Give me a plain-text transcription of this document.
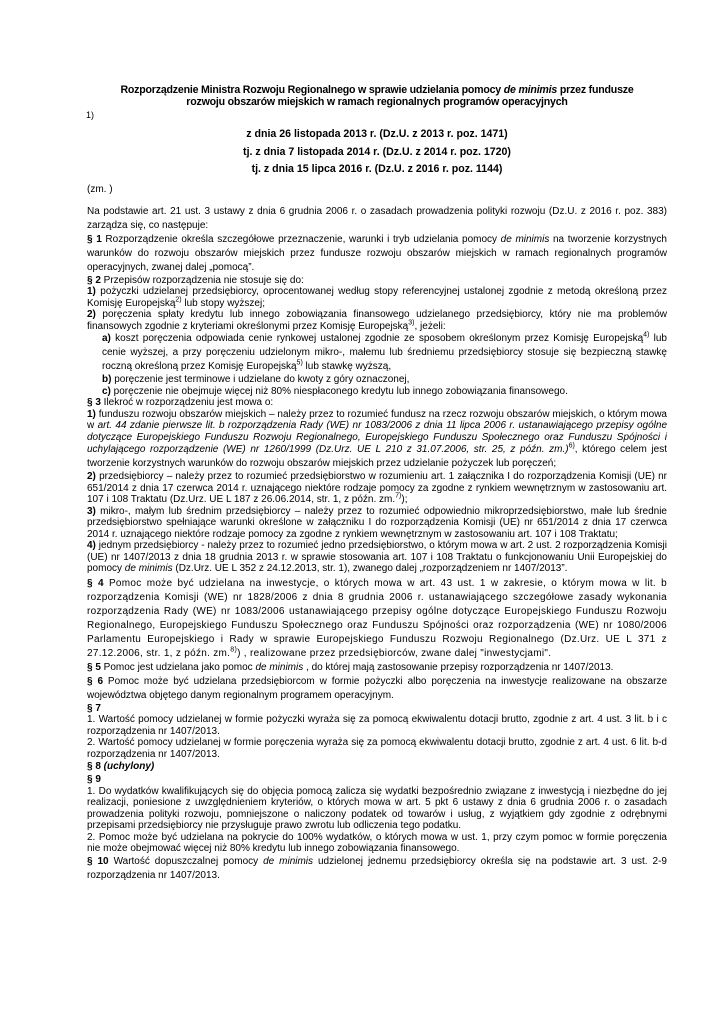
Rozporządzenie Ministra Rozwoju Regionalnego w sprawie udzielania pomocy de minimis przez fundusze
rozwoju obszarów miejskich w ramach regionalnych programów operacyjnych
1)
z dnia 26 listopada 2013 r. (Dz.U. z 2013 r. poz. 1471)
tj. z dnia 7 listopada 2014 r. (Dz.U. z 2014 r. poz. 1720)
tj. z dnia 15 lipca 2016 r. (Dz.U. z 2016 r. poz. 1144)
(zm. )

Na podstawie art. 21 ust. 3 ustawy z dnia 6 grudnia 2006 r. o zasadach prowadzenia polityki rozwoju (Dz.U. z 2016 r. poz. 383) zarządza się, co następuje:

§ 1 Rozporządzenie określa szczegółowe przeznaczenie, warunki i tryb udzielania pomocy de minimis na tworzenie korzystnych warunków do rozwoju obszarów miejskich przez fundusze rozwoju obszarów miejskich w ramach regionalnych programów operacyjnych, zwanej dalej „pomocą”.

§ 2 Przepisów rozporządzenia nie stosuje się do:

1) pożyczki udzielanej przedsiębiorcy, oprocentowanej według stopy referencyjnej ustalonej zgodnie z metodą określoną przez Komisję Europejską$^{2)}$ lub stopy wyższej;

2) poręczenia spłaty kredytu lub innego zobowiązania finansowego udzielanego przedsiębiorcy, który nie ma problemów finansowych zgodnie z kryteriami określonymi przez Komisję Europejską$^{3)}$, jeżeli:

a) koszt poręczenia odpowiada cenie rynkowej ustalonej zgodnie ze sposobem określonym przez Komisję Europejską$^{4)}$ lub cenie wyższej, a przy poręczeniu udzielonym mikro-, małemu lub średniemu przedsiębiorcy stosuje się bezpieczną stawkę roczną określoną przez Komisję Europejską$^{5)}$ lub stawkę wyższą,

b) poręczenie jest terminowe i udzielane do kwoty z góry oznaczonej,

c) poręczenie nie obejmuje więcej niż 80% niespłaconego kredytu lub innego zobowiązania finansowego.

§ 3 Ilekroć w rozporządzeniu jest mowa o:

1) funduszu rozwoju obszarów miejskich – należy przez to rozumieć fundusz na rzecz rozwoju obszarów miejskich, o którym mowa w art. 44 zdanie pierwsze lit. b rozporządzenia Rady (WE) nr 1083/2006 z dnia 11 lipca 2006 r. ustanawiającego przepisy ogólne dotyczące Europejskiego Funduszu Rozwoju Regionalnego, Europejskiego Funduszu Społecznego oraz Funduszu Spójności i uchylającego rozporządzenie (WE) nr 1260/1999 (Dz.Urz. UE L 210 z 31.07.2006, str. 25, z późn. zm.)$^{6)}$, którego celem jest tworzenie korzystnych warunków do rozwoju obszarów miejskich przez udzielanie pożyczek lub poręczeń;

2) przedsiębiorcy – należy przez to rozumieć przedsiębiorstwo w rozumieniu art. 1 załącznika I do rozporządzenia Komisji (UE) nr 651/2014 z dnia 17 czerwca 2014 r. uznającego niektóre rodzaje pomocy za zgodne z rynkiem wewnętrznym w zastosowaniu art. 107 i 108 Traktatu (Dz.Urz. UE L 187 z 26.06.2014, str. 1, z późn. zm.$^{7)}$);

3) mikro-, małym lub średnim przedsiębiorcy – należy przez to rozumieć odpowiednio mikroprzedsiębiorstwo, małe lub średnie przedsiębiorstwo spełniające warunki określone w załączniku I do rozporządzenia Komisji (UE) nr 651/2014 z dnia 17 czerwca 2014 r. uznającego niektóre rodzaje pomocy za zgodne z rynkiem wewnętrznym w zastosowaniu art. 107 i 108 Traktatu;

4) jednym przedsiębiorcy - należy przez to rozumieć jedno przedsiębiorstwo, o którym mowa w art. 2 ust. 2 rozporządzenia Komisji (UE) nr 1407/2013 z dnia 18 grudnia 2013 r. w sprawie stosowania art. 107 i 108 Traktatu o funkcjonowaniu Unii Europejskiej do pomocy de minimis (Dz.Urz. UE L 352 z 24.12.2013, str. 1), zwanego dalej „rozporządzeniem nr 1407/2013”.

§ 4 Pomoc może być udzielana na inwestycje, o których mowa w art. 43 ust. 1 w zakresie, o którym mowa w lit. b rozporządzenia Komisji (WE) nr 1828/2006 z dnia 8 grudnia 2006 r. ustanawiającego szczegółowe zasady wykonania rozporządzenia Rady (WE) nr 1083/2006 ustanawiającego przepisy ogólne dotyczące Europejskiego Funduszu Rozwoju Regionalnego, Europejskiego Funduszu Społecznego oraz Funduszu Spójności oraz rozporządzenia (WE) nr 1080/2006 Parlamentu Europejskiego i Rady w sprawie Europejskiego Funduszu Rozwoju Regionalnego (Dz.Urz. UE L 371 z 27.12.2006, str. 1, z późn. zm.$^{8)}$) , realizowane przez przedsiębiorców, zwane dalej "inwestycjami".

§ 5 Pomoc jest udzielana jako pomoc de minimis , do której mają zastosowanie przepisy rozporządzenia nr 1407/2013.

§ 6 Pomoc może być udzielana przedsiębiorcom w formie pożyczki albo poręczenia na inwestycje realizowane na obszarze województwa objętego danym regionalnym programem operacyjnym.

§ 7

1. Wartość pomocy udzielanej w formie pożyczki wyraża się za pomocą ekwiwalentu dotacji brutto, zgodnie z art. 4 ust. 3 lit. b i c rozporządzenia nr 1407/2013.

2. Wartość pomocy udzielanej w formie poręczenia wyraża się za pomocą ekwiwalentu dotacji brutto, zgodnie z art. 4 ust. 6 lit. b-d rozporządzenia nr 1407/2013.

§ 8 (uchylony)

§ 9

1. Do wydatków kwalifikujących się do objęcia pomocą zalicza się wydatki bezpośrednio związane z inwestycją i niezbędne do jej realizacji, poniesione z uwzględnieniem kryteriów, o których mowa w art. 5 pkt 6 ustawy z dnia 6 grudnia 2006 r. o zasadach prowadzenia polityki rozwoju, pomniejszone o naliczony podatek od towarów i usług, z wyjątkiem gdy zgodnie z odrębnymi przepisami przedsiębiorcy nie przysługuje prawo zwrotu lub odliczenia tego podatku.

2. Pomoc może być udzielana na pokrycie do 100% wydatków, o których mowa w ust. 1, przy czym pomoc w formie poręczenia nie może obejmować więcej niż 80% kredytu lub innego zobowiązania finansowego.

§ 10 Wartość dopuszczalnej pomocy de minimis udzielonej jednemu przedsiębiorcy określa się na podstawie art. 3 ust. 2-9 rozporządzenia nr 1407/2013.
